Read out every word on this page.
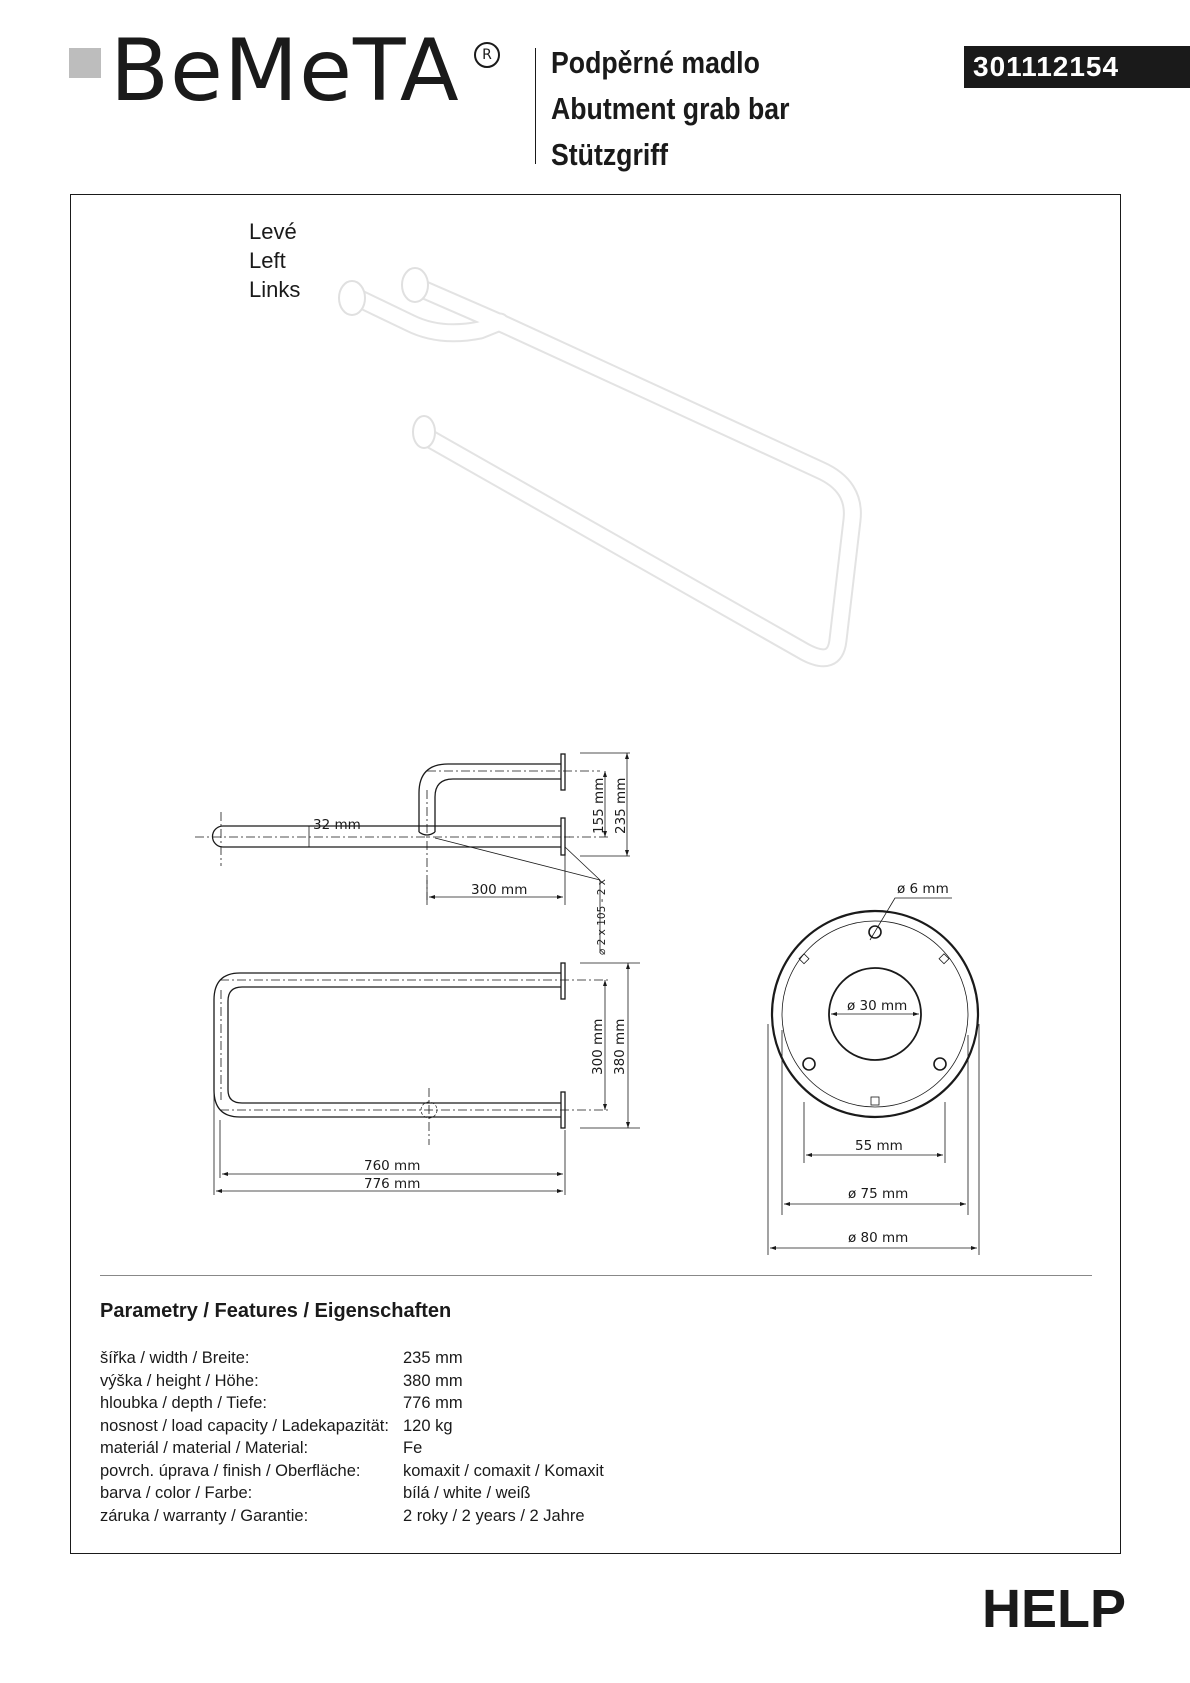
BeMeTA	R Podpěrné madlo
Abutment grab bar
Stützgriff
301112154
Levé
Left
Links
32 mm
300 mm
155 mm 235 mm
⌀ 2 x 105 - 2 x
300 mm 380 mm
760 mm
776 mm
ø 6 mm
ø 30 mm
55 mm
ø 75 mm
ø 80 mm
Parametry / Features / Eigenschaften
šířka / width / Breite:	235 mm
výška / height / Höhe:	380 mm
hloubka / depth / Tiefe:	776 mm
nosnost / load capacity / Ladekapazität:	120 kg
materiál / material / Material:	Fe
povrch. úprava / finish / Oberfläche:	komaxit / comaxit / Komaxit
barva / color / Farbe:	bílá / white / weiß
záruka / warranty / Garantie:	2 roky / 2 years / 2 Jahre
HELP
